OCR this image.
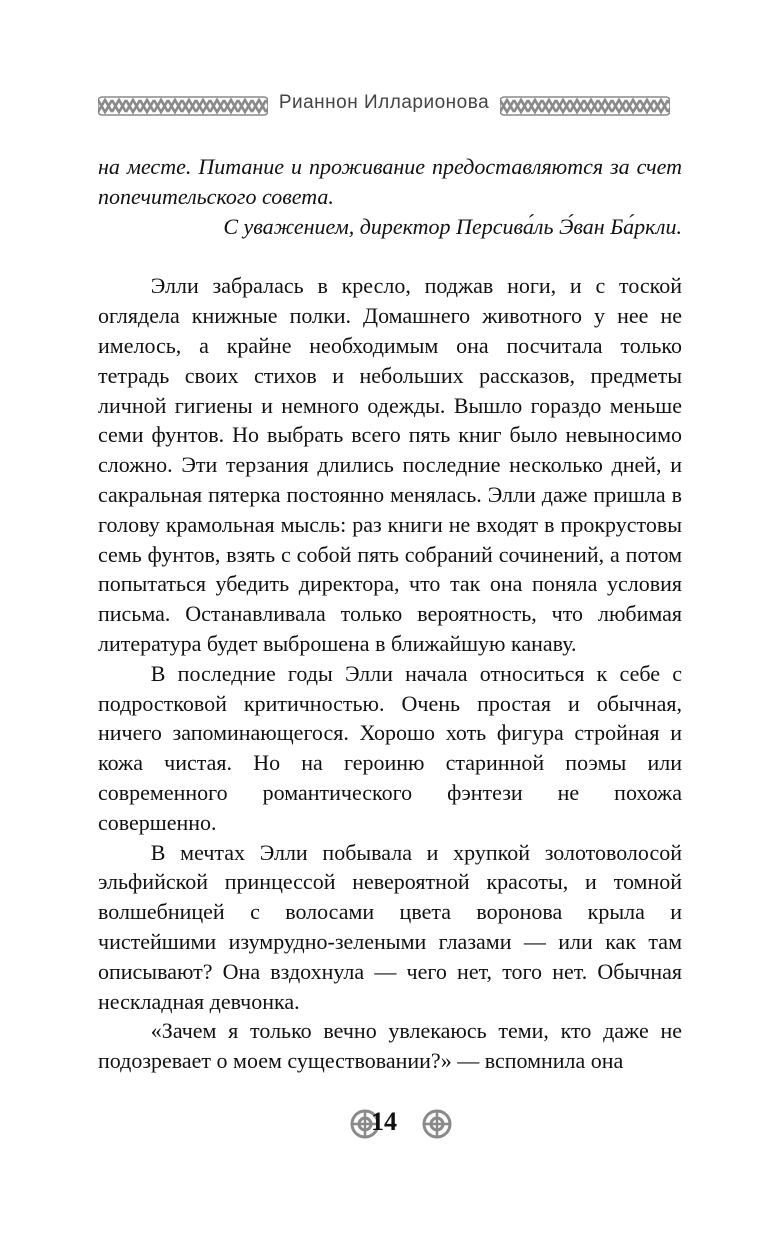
Рианнон Илларионова

на месте. Питание и проживание предоставляются за счет попечительского совета.

С уважением, директор Персива́ль Э́ван Ба́ркли.

Элли забралась в кресло, поджав ноги, и с тоской оглядела книжные полки. Домашнего животного у нее не имелось, а крайне необходимым она посчитала только тетрадь своих стихов и небольших рассказов, предметы личной гигиены и немного одежды. Вышло гораздо меньше семи фунтов. Но выбрать всего пять книг было невыносимо сложно. Эти терзания длились последние несколько дней, и сакральная пятерка постоянно менялась. Элли даже пришла в голову крамольная мысль: раз книги не входят в прокрустовы семь фунтов, взять с собой пять собраний сочинений, а потом попытаться убедить директора, что так она поняла условия письма. Останавливала только вероятность, что любимая литература будет выброшена в ближайшую канаву.

В последние годы Элли начала относиться к себе с подростковой критичностью. Очень простая и обычная, ничего запоминающегося. Хорошо хоть фигура стройная и кожа чистая. Но на героиню старинной поэмы или современного романтического фэнтези не похожа совершенно.

В мечтах Элли побывала и хрупкой золотоволосой эльфийской принцессой невероятной красоты, и томной волшебницей с волосами цвета воронова крыла и чистейшими изумрудно-зелеными глазами — или как там описывают? Она вздохнула — чего нет, того нет. Обычная нескладная девчонка.

«Зачем я только вечно увлекаюсь теми, кто даже не подозревает о моем существовании?» — вспомнила она

14
